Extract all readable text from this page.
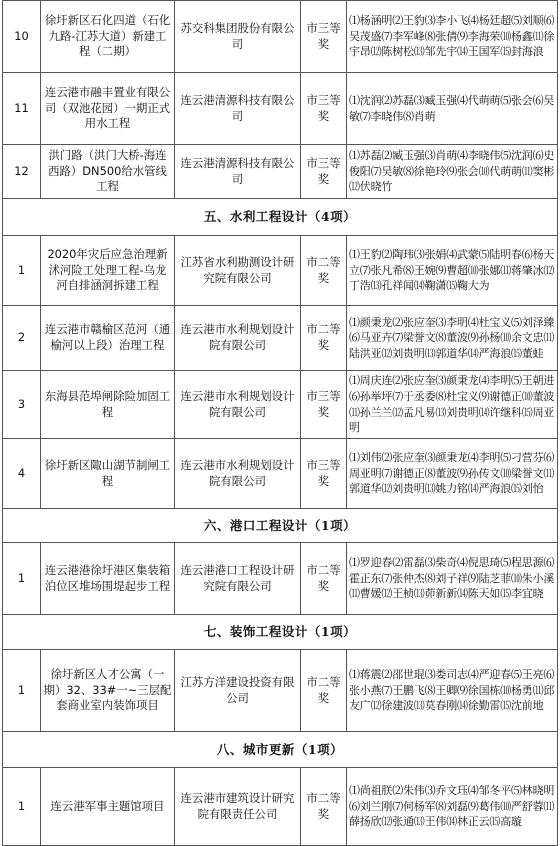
10	徐圩新区石化四道（石化九路-江苏大道）新建工程（二期）	苏交科集团股份有限公司	市三等奖	⑴杨涵明⑵王豹⑶李小飞⑷杨廷超⑸刘顺⑹吴茂盛⑺李军峰⑻张倩⑼李海荣⑽杨鑫⑾徐宇昂⑿陈树松⒀邹先宇⒁王国军⒂封海浪
11	连云港市融丰置业有限公司（双池花园）一期正式用水工程	连云港清源科技有限公司	市三等奖	⑴沈润⑵苏磊⑶臧玉强⑷代萌萌⑸张会⑹吴敏⑺李晓伟⑻肖萌
12	洪门路（洪门大桥-海连西路）DN500给水管线工程	连云港清源科技有限公司	市三等奖	⑴苏磊⑵臧玉强⑶肖萌⑷李晓伟⑸沈润⑹史俊阳⑺吴敏⑻徐艳玲⑼张会⑽代萌萌⑾窦彬⑿伏晓竹
五、水利工程设计（4项）				
1	2020年灾后应急治理新沭河险工处理工程-乌龙河自排涵洞拆建工程	江苏省水利勘测设计研究院有限公司	市二等奖	⑴王豹⑵陶玮⑶张娟⑷武蒙⑸陆明春⑹杨天立⑺张凡希⑻王婉⑼曹超⑽张娜⑾蒋肇冰⑿丁浩⒀孔祥闻⒁鞠潇⒂鞠大为
2	连云港市赣榆区范河（通榆河以上段）治理工程	连云港市水利规划设计院有限公司	市二等奖	⑴颜秉龙⑵张应奎⑶李明⑷杜宝义⑸刘泽臻⑹马亚卉⑺梁誉文⑻董波⑼孙杨⑽余文忠⑾陆洪亚⑿刘贵明⒀郭道华⒁严海浪⒂董蛙
3	东海县范埠闸除险加固工程	连云港市水利规划设计院有限公司	市三等奖	⑴周庆连⑵张应奎⑶颜秉龙⑷李明⑸王朝进⑹孙举坪⑺于丞委⑻杜宝义⑼谢德正⑽董波⑾孙兰兰⑿孟凡易⒀刘贵明⒁许继科⒂周亚明
4	徐圩新区陬山湖节制闸工程	连云港市水利规划设计院有限公司	市三等奖	⑴刘伟⑵张应奎⑶颜秉龙⑷李明⑸刁营芬⑹周亚明⑺谢德正⑻董波⑼孙传文⑽梁誉文⑾郭道华⑿刘贵明⒀姚力铭⒁严海浪⒂刘怡
六、港口工程设计（1项）				
1	连云港港徐圩港区集装箱泊位区堆场围堤起步工程	连云港港口工程设计研究院有限公司	市二等奖	⑴罗迎春⑵雷磊⑶柴奇⑷倪思琦⑸程思源⑹霍正东⑺张仲杰⑻刘子祥⑼陆芝菲⑽朱小溪⑾曹媛⑿王桢⒀茆新新⒁陈天如⒂李宜晓
七、装饰工程设计（1项）				
1	徐圩新区人才公寓（一期）32、33#一~三层配套商业室内装饰项目	江苏方洋建设投资有限公司	市二等奖	⑴蒋震⑵邵世琨⑶娄司志⑷严迎春⑸王亮⑹张小燕⑺王鹏飞⑻王卿⑼徐国栋⑽杨勇⑾邱友广⑿徐建波⒀莫春刚⒁徐勤雷⒂沈前地
八、城市更新（1项）				
1	连云港军事主题馆项目	连云港市建筑设计研究院有限责任公司	市二等奖	⑴尚祖朕⑵朱伟⑶乔文珏⑷邹冬平⑸林晓明⑹刘兰刚⑺何杨军⑻刘磊⑼葛伟⑽严舒蓉⑾薛扬欣⑿张通⒀王伟⒁林正云⒂高璇
